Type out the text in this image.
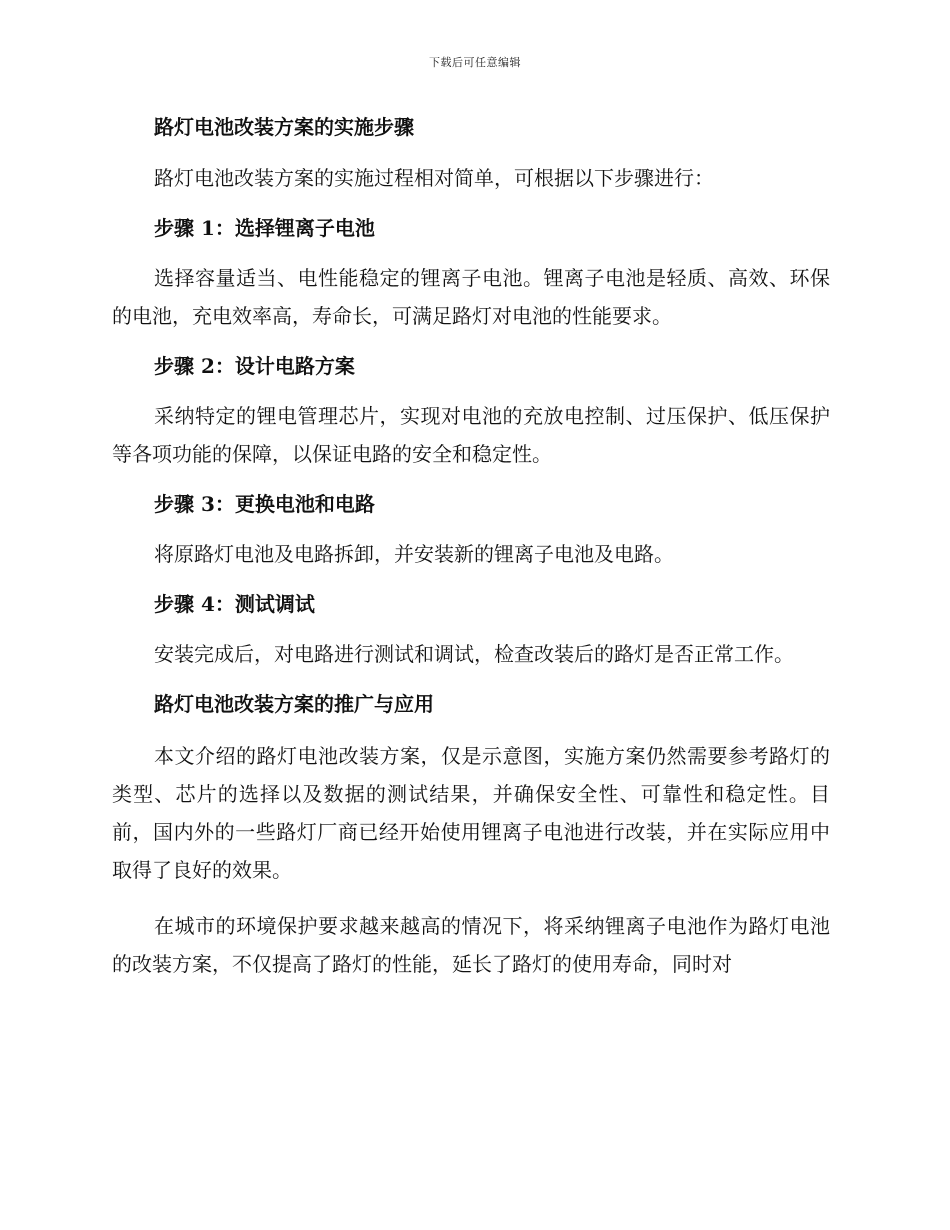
下载后可任意编辑

路灯电池改装方案的实施步骤

路灯电池改装方案的实施过程相对简单，可根据以下步骤进行：

步骤 1：选择锂离子电池

选择容量适当、电性能稳定的锂离子电池。锂离子电池是轻质、高效、环保的电池，充电效率高，寿命长，可满足路灯对电池的性能要求。

步骤 2：设计电路方案

采纳特定的锂电管理芯片，实现对电池的充放电控制、过压保护、低压保护等各项功能的保障，以保证电路的安全和稳定性。

步骤 3：更换电池和电路

将原路灯电池及电路拆卸，并安装新的锂离子电池及电路。

步骤 4：测试调试

安装完成后，对电路进行测试和调试，检查改装后的路灯是否正常工作。

路灯电池改装方案的推广与应用

本文介绍的路灯电池改装方案，仅是示意图，实施方案仍然需要参考路灯的类型、芯片的选择以及数据的测试结果，并确保安全性、可靠性和稳定性。目前，国内外的一些路灯厂商已经开始使用锂离子电池进行改装，并在实际应用中取得了良好的效果。

在城市的环境保护要求越来越高的情况下，将采纳锂离子电池作为路灯电池的改装方案，不仅提高了路灯的性能，延长了路灯的使用寿命，同时对
